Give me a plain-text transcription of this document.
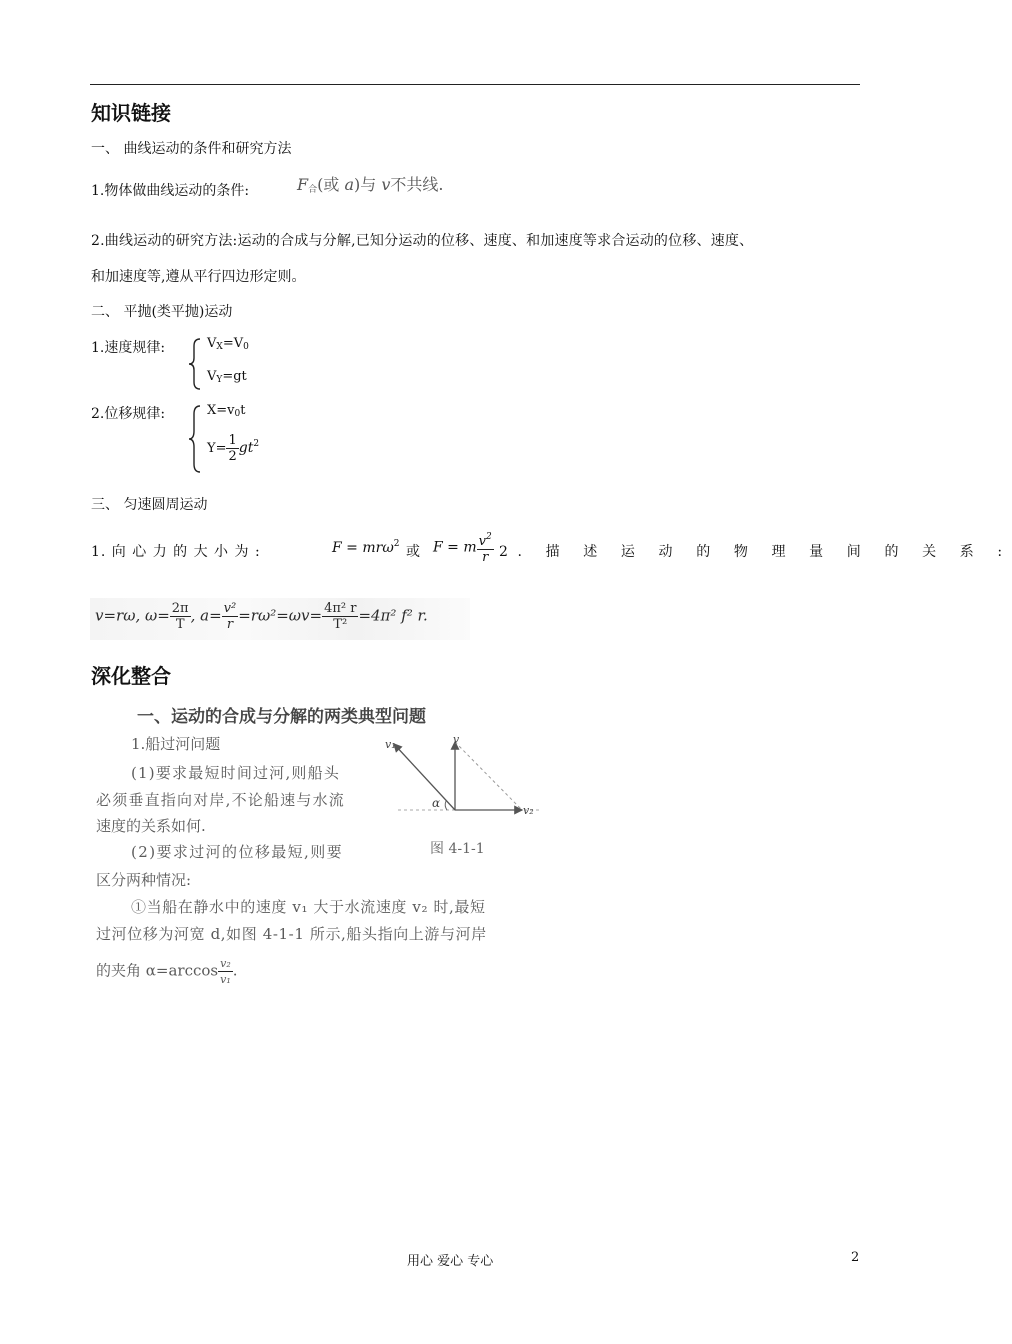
知识链接
一、 曲线运动的条件和研究方法
1.物体做曲线运动的条件:	$F_合$(或 a)与 v不共线.
2.曲线运动的研究方法:运动的合成与分解,已知分运动的位移、速度、和加速度等求合运动的位移、速度、
和加速度等,遵从平行四边形定则。
二、 平抛(类平抛)运动
1.速度规律:	$V_X=V_0$
$V_Y=gt$
2.位移规律:	$X=v_0t$
$Y= \frac{1}{2} gt^2$
三、 匀速圆周运动
1. 向 心 力 的 大 小 为 :	F = mrω$^2$ 或 F = m $\frac{v^2}{r} 2$. 描 述 运 动 的 物 理 量 间 的 关 系 :
v=rω, $\omega= \frac{2\pi}{T}$ , $a= \frac{\text{v²}}{r} =r\omega^2=\omega v= \frac{\text{4π² r}}{\text{T²}} =4\pi^2$ f² r.
深化整合
一、运动的合成与分解的两类典型问题
1.船过河问题
(1)要求最短时间过河,则船头
必须垂直指向对岸,不论船速与水流
速度的关系如何.
(2)要求过河的位移最短,则要
区分两种情况:
①当船在静水中的速度 v₁ 大于水流速度 v₂ 时,最短
过河位移为河宽 d,如图 4-1-1 所示,船头指向上游与河岸
的夹角 $\alpha=\arccos \frac{\text{v₂}}{\text{v₁}}$ .
v₁	v
v₂
α
图 4-1-1
用心 爱心 专心	2
